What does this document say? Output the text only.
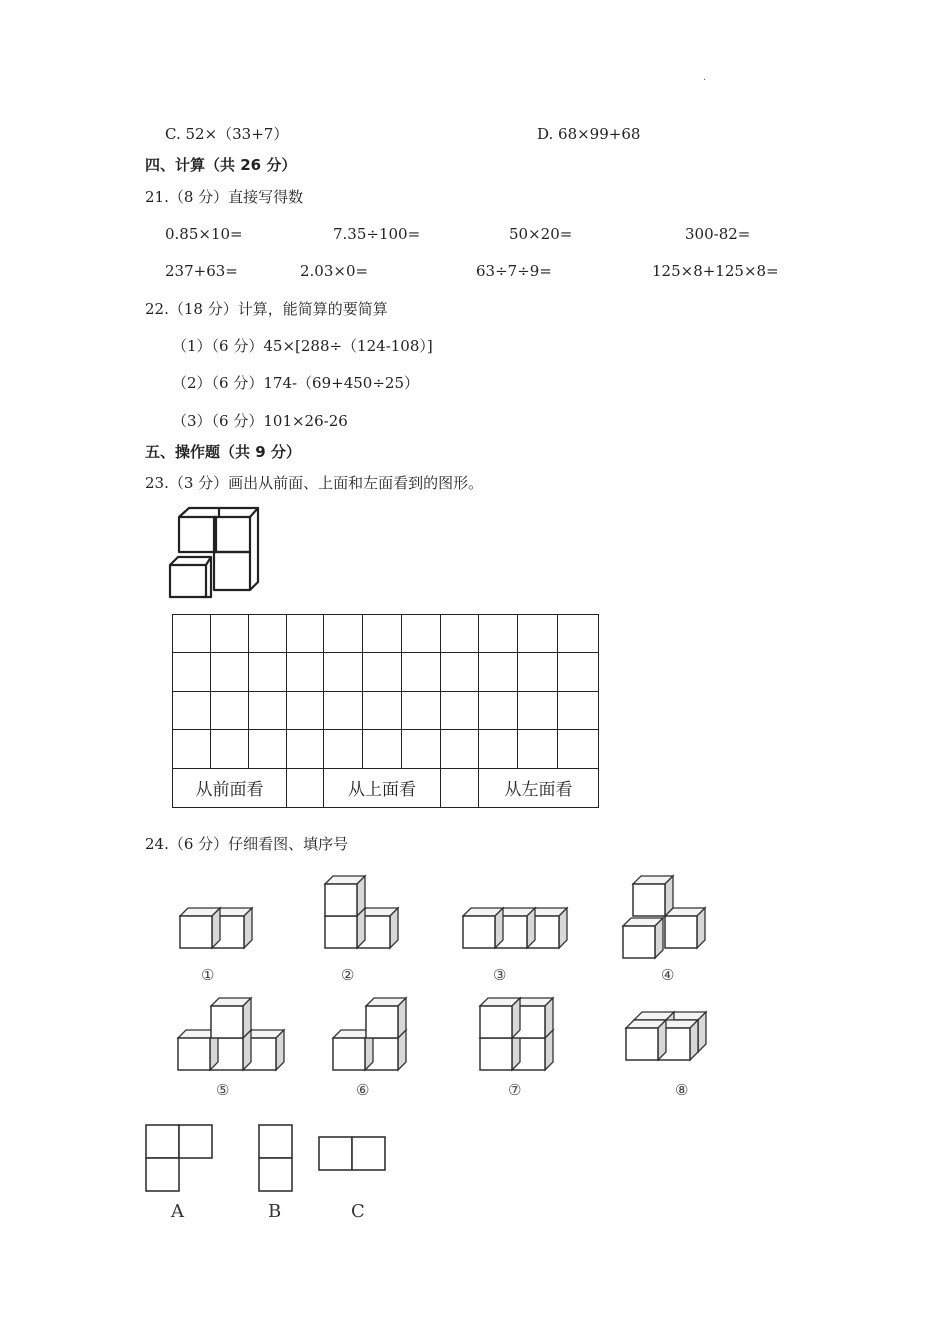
.
C. 52×（33+7）	D. 68×99+68
四、计算（共 26 分）
21.（8 分）直接写得数
0.85×10=	7.35÷100=	50×20=	300-82=
237+63=	2.03×0=	63÷7÷9=	125×8+125×8=
22.（18 分）计算，能简算的要简算
（1）（6 分）45×[288÷（124-108）]
（2）（6 分）174-（69+450÷25）
（3）（6 分）101×26-26
五、操作题（共 9 分）
23.（3 分）画出从前面、上面和左面看到的图形。

从前面看				从上面看				从左面看		
24.（6 分）仔细看图、填序号
①	②	③	④
⑤	⑥	⑦	⑧
A	B	C
